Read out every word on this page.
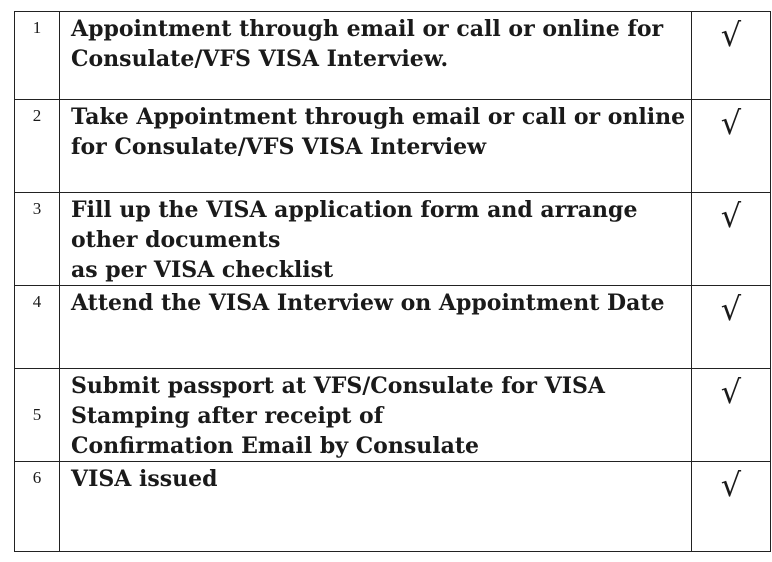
1	Appointment through email or call or online for
Consulate/VFS VISA Interview.	√
2	Take Appointment through email or call or online
for Consulate/VFS VISA Interview	√
3	Fill up the VISA application form and arrange
other documents
as per VISA checklist	√
4	Attend the VISA Interview on Appointment Date	√
5	Submit passport at VFS/Consulate for VISA
Stamping after receipt of
Confirmation Email by Consulate	√
6	VISA issued	√
